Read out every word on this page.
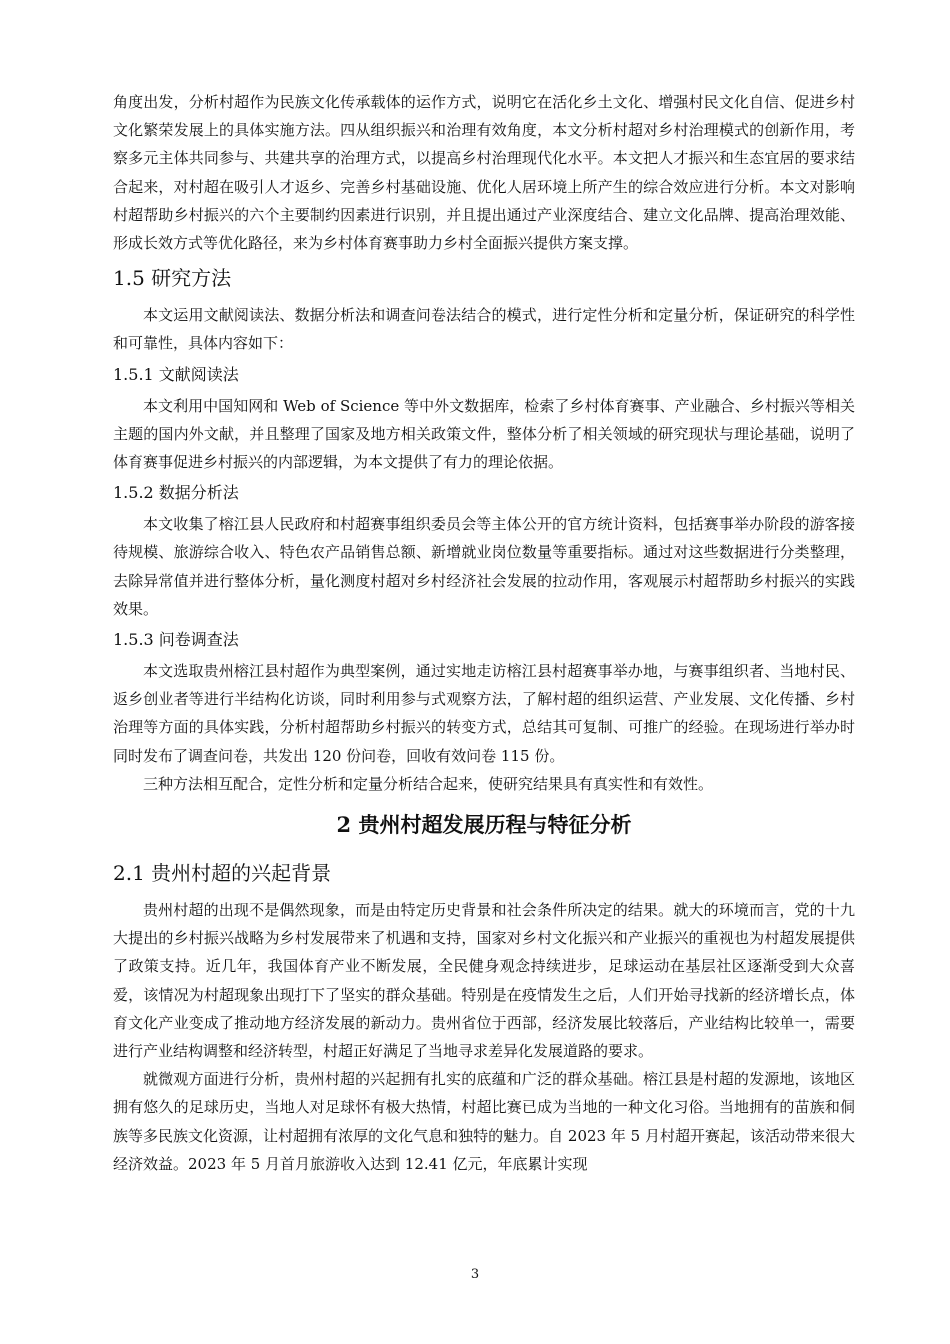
角度出发，分析村超作为民族文化传承载体的运作方式，说明它在活化乡土文化、增强村民文化自信、促进乡村文化繁荣发展上的具体实施方法。四从组织振兴和治理有效角度，本文分析村超对乡村治理模式的创新作用，考察多元主体共同参与、共建共享的治理方式，以提高乡村治理现代化水平。本文把人才振兴和生态宜居的要求结合起来，对村超在吸引人才返乡、完善乡村基础设施、优化人居环境上所产生的综合效应进行分析。本文对影响村超帮助乡村振兴的六个主要制约因素进行识别，并且提出通过产业深度结合、建立文化品牌、提高治理效能、形成长效方式等优化路径，来为乡村体育赛事助力乡村全面振兴提供方案支撑。

1.5 研究方法

本文运用文献阅读法、数据分析法和调查问卷法结合的模式，进行定性分析和定量分析，保证研究的科学性和可靠性，具体内容如下：

1.5.1 文献阅读法

本文利用中国知网和 Web of Science 等中外文数据库，检索了乡村体育赛事、产业融合、乡村振兴等相关主题的国内外文献，并且整理了国家及地方相关政策文件，整体分析了相关领域的研究现状与理论基础，说明了体育赛事促进乡村振兴的内部逻辑，为本文提供了有力的理论依据。

1.5.2 数据分析法

本文收集了榕江县人民政府和村超赛事组织委员会等主体公开的官方统计资料，包括赛事举办阶段的游客接待规模、旅游综合收入、特色农产品销售总额、新增就业岗位数量等重要指标。通过对这些数据进行分类整理，去除异常值并进行整体分析，量化测度村超对乡村经济社会发展的拉动作用，客观展示村超帮助乡村振兴的实践效果。

1.5.3 问卷调查法

本文选取贵州榕江县村超作为典型案例，通过实地走访榕江县村超赛事举办地，与赛事组织者、当地村民、返乡创业者等进行半结构化访谈，同时利用参与式观察方法，了解村超的组织运营、产业发展、文化传播、乡村治理等方面的具体实践，分析村超帮助乡村振兴的转变方式，总结其可复制、可推广的经验。在现场进行举办时同时发布了调查问卷，共发出 120 份问卷，回收有效问卷 115 份。

三种方法相互配合，定性分析和定量分析结合起来，使研究结果具有真实性和有效性。

2 贵州村超发展历程与特征分析
2.1 贵州村超的兴起背景

贵州村超的出现不是偶然现象，而是由特定历史背景和社会条件所决定的结果。就大的环境而言，党的十九大提出的乡村振兴战略为乡村发展带来了机遇和支持，国家对乡村文化振兴和产业振兴的重视也为村超发展提供了政策支持。近几年，我国体育产业不断发展，全民健身观念持续进步，足球运动在基层社区逐渐受到大众喜爱，该情况为村超现象出现打下了坚实的群众基础。特别是在疫情发生之后，人们开始寻找新的经济增长点，体育文化产业变成了推动地方经济发展的新动力。贵州省位于西部，经济发展比较落后，产业结构比较单一，需要进行产业结构调整和经济转型，村超正好满足了当地寻求差异化发展道路的要求。

就微观方面进行分析，贵州村超的兴起拥有扎实的底蕴和广泛的群众基础。榕江县是村超的发源地，该地区拥有悠久的足球历史，当地人对足球怀有极大热情，村超比赛已成为当地的一种文化习俗。当地拥有的苗族和侗族等多民族文化资源，让村超拥有浓厚的文化气息和独特的魅力。自 2023 年 5 月村超开赛起，该活动带来很大经济效益。2023 年 5 月首月旅游收入达到 12.41 亿元，年底累计实现

3
